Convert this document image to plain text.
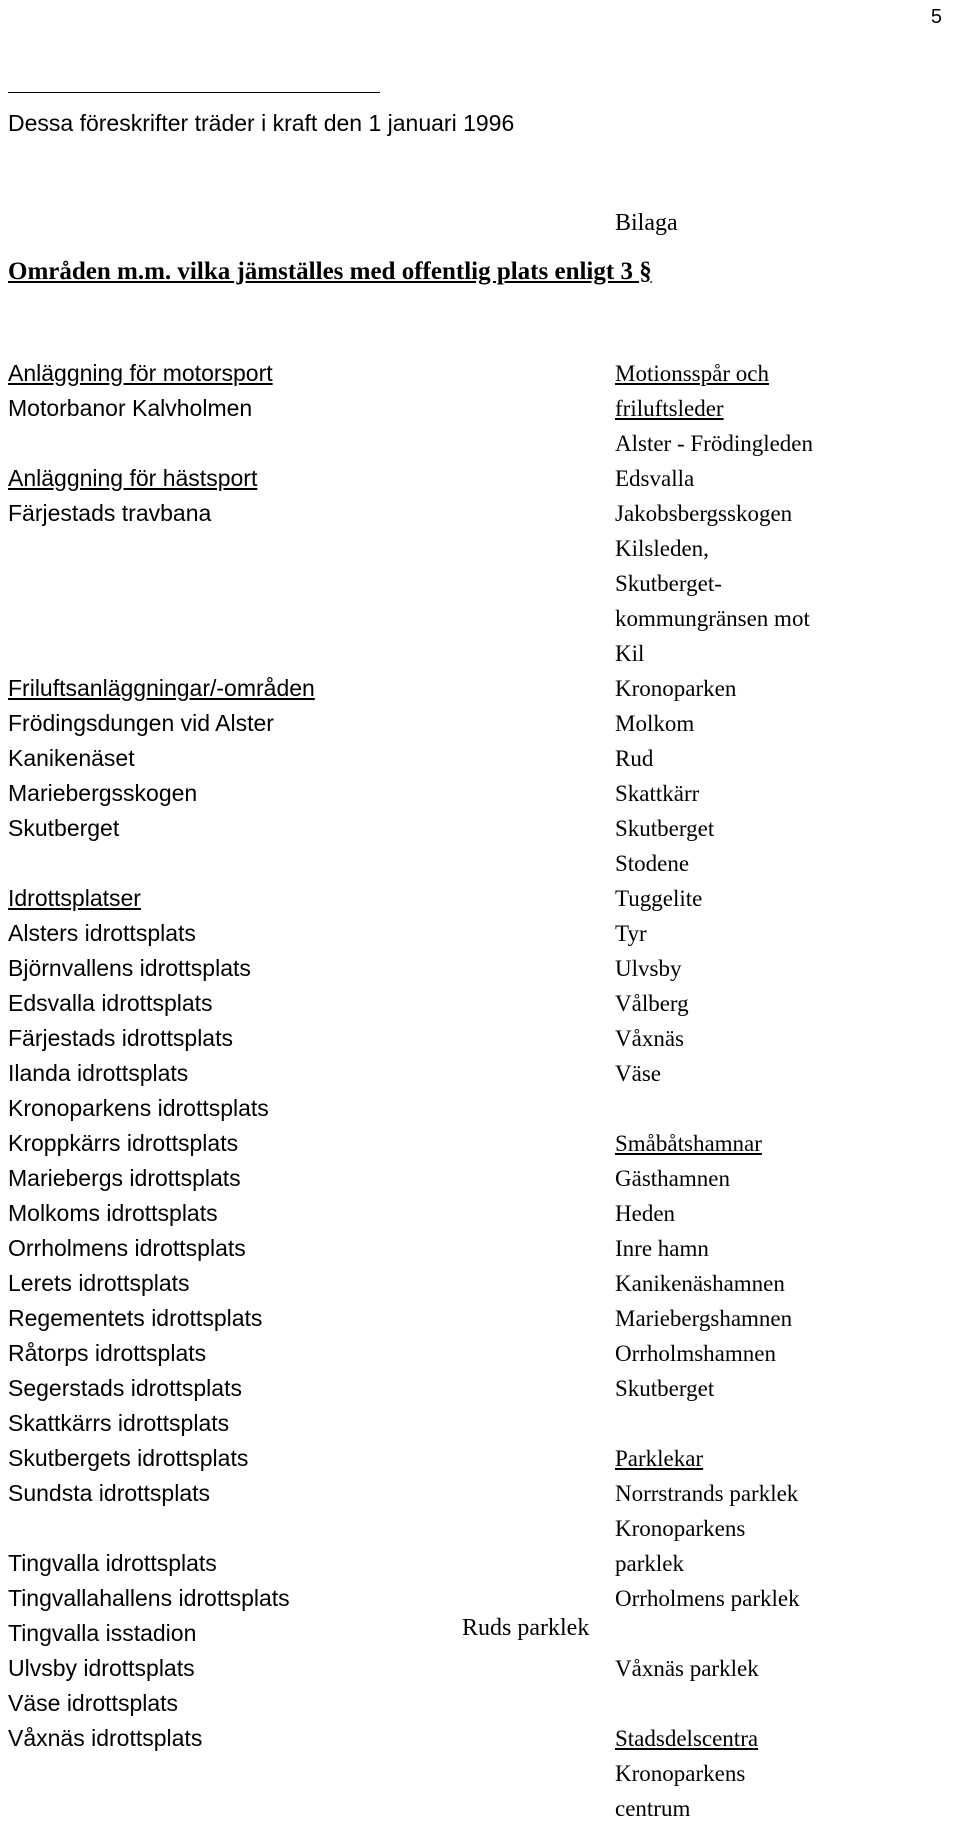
5
Dessa föreskrifter träder i kraft den 1 januari 1996
Bilaga
Områden m.m. vilka jämställes med offentlig plats enligt 3 §
Anläggning för motorsport
Motorbanor Kalvholmen
Anläggning för hästsport
Färjestads travbana
Friluftsanläggningar/-områden
Frödingsdungen vid Alster
Kanikenäset
Mariebergsskogen
Skutberget
Idrottsplatser
Alsters idrottsplats
Björnvallens idrottsplats
Edsvalla idrottsplats
Färjestads idrottsplats
Ilanda idrottsplats
Kronoparkens idrottsplats
Kroppkärrs idrottsplats
Mariebergs idrottsplats
Molkoms idrottsplats
Orrholmens idrottsplats
Lerets idrottsplats
Regementets idrottsplats
Råtorps idrottsplats
Segerstads idrottsplats
Skattkärrs idrottsplats
Skutbergets idrottsplats
Sundsta idrottsplats
Tingvalla idrottsplats
Tingvallahallens idrottsplats
Tingvalla isstadion
Ulvsby idrottsplats
Väse idrottsplats
Våxnäs idrottsplats
Motionsspår och
friluftsleder
Alster - Frödingleden
Edsvalla
Jakobsbergsskogen
Kilsleden,
Skutberget-
kommungränsen mot
Kil
Kronoparken
Molkom
Rud
Skattkärr
Skutberget
Stodene
Tuggelite
Tyr
Ulvsby
Vålberg
Våxnäs
Väse
Småbåtshamnar
Gästhamnen
Heden
Inre hamn
Kanikenäshamnen
Mariebergshamnen
Orrholmshamnen
Skutberget
Parklekar
Norrstrands parklek
Kronoparkens
parklek
Orrholmens parklek
Våxnäs parklek
Stadsdelscentra
Kronoparkens
centrum
Ruds parklek
